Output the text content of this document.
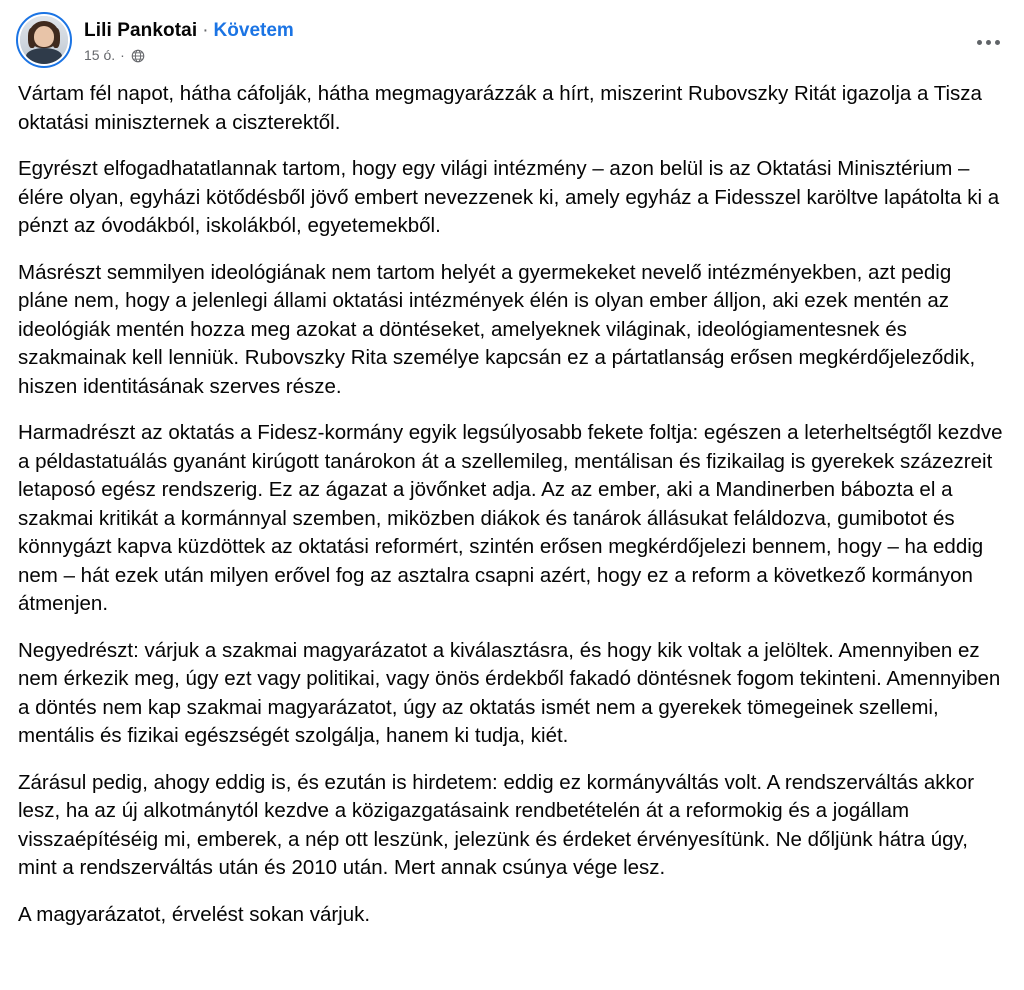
Lili Pankotai · Követem
15 ó. ·

Vártam fél napot, hátha cáfolják, hátha megmagyarázzák a hírt, miszerint Rubovszky Ritát igazolja a Tisza oktatási miniszternek a ciszterektől.

Egyrészt elfogadhatatlannak tartom, hogy egy világi intézmény – azon belül is az Oktatási Minisztérium – élére olyan, egyházi kötődésből jövő embert nevezzenek ki, amely egyház a Fidesszel karöltve lapátolta ki a pénzt az óvodákból, iskolákból, egyetemekből.

Másrészt semmilyen ideológiának nem tartom helyét a gyermekeket nevelő intézményekben, azt pedig pláne nem, hogy a jelenlegi állami oktatási intézmények élén is olyan ember álljon, aki ezek mentén az ideológiák mentén hozza meg azokat a döntéseket, amelyeknek világinak, ideológiamentesnek és szakmainak kell lenniük. Rubovszky Rita személye kapcsán ez a pártatlanság erősen megkérdőjeleződik, hiszen identitásának szerves része.

Harmadrészt az oktatás a Fidesz-kormány egyik legsúlyosabb fekete foltja: egészen a leterheltségtől kezdve a példastatuálás gyanánt kirúgott tanárokon át a szellemileg, mentálisan és fizikailag is gyerekek százezreit letaposó egész rendszerig. Ez az ágazat a jövőnket adja. Az az ember, aki a Mandinerben bábozta el a szakmai kritikát a kormánnyal szemben, miközben diákok és tanárok állásukat feláldozva, gumibotot és könnygázt kapva küzdöttek az oktatási reformért, szintén erősen megkérdőjelezi bennem, hogy – ha eddig nem – hát ezek után milyen erővel fog az asztalra csapni azért, hogy ez a reform a következő kormányon átmenjen.

Negyedrészt: várjuk a szakmai magyarázatot a kiválasztásra, és hogy kik voltak a jelöltek. Amennyiben ez nem érkezik meg, úgy ezt vagy politikai, vagy önös érdekből fakadó döntésnek fogom tekinteni. Amennyiben a döntés nem kap szakmai magyarázatot, úgy az oktatás ismét nem a gyerekek tömegeinek szellemi, mentális és fizikai egészségét szolgálja, hanem ki tudja, kiét.

Zárásul pedig, ahogy eddig is, és ezután is hirdetem: eddig ez kormányváltás volt. A rendszerváltás akkor lesz, ha az új alkotmánytól kezdve a közigazgatásaink rendbetételén át a reformokig és a jogállam visszaépítéséig mi, emberek, a nép ott leszünk, jelezünk és érdeket érvényesítünk. Ne dőljünk hátra úgy, mint a rendszerváltás után és 2010 után. Mert annak csúnya vége lesz.

A magyarázatot, érvelést sokan várjuk.
